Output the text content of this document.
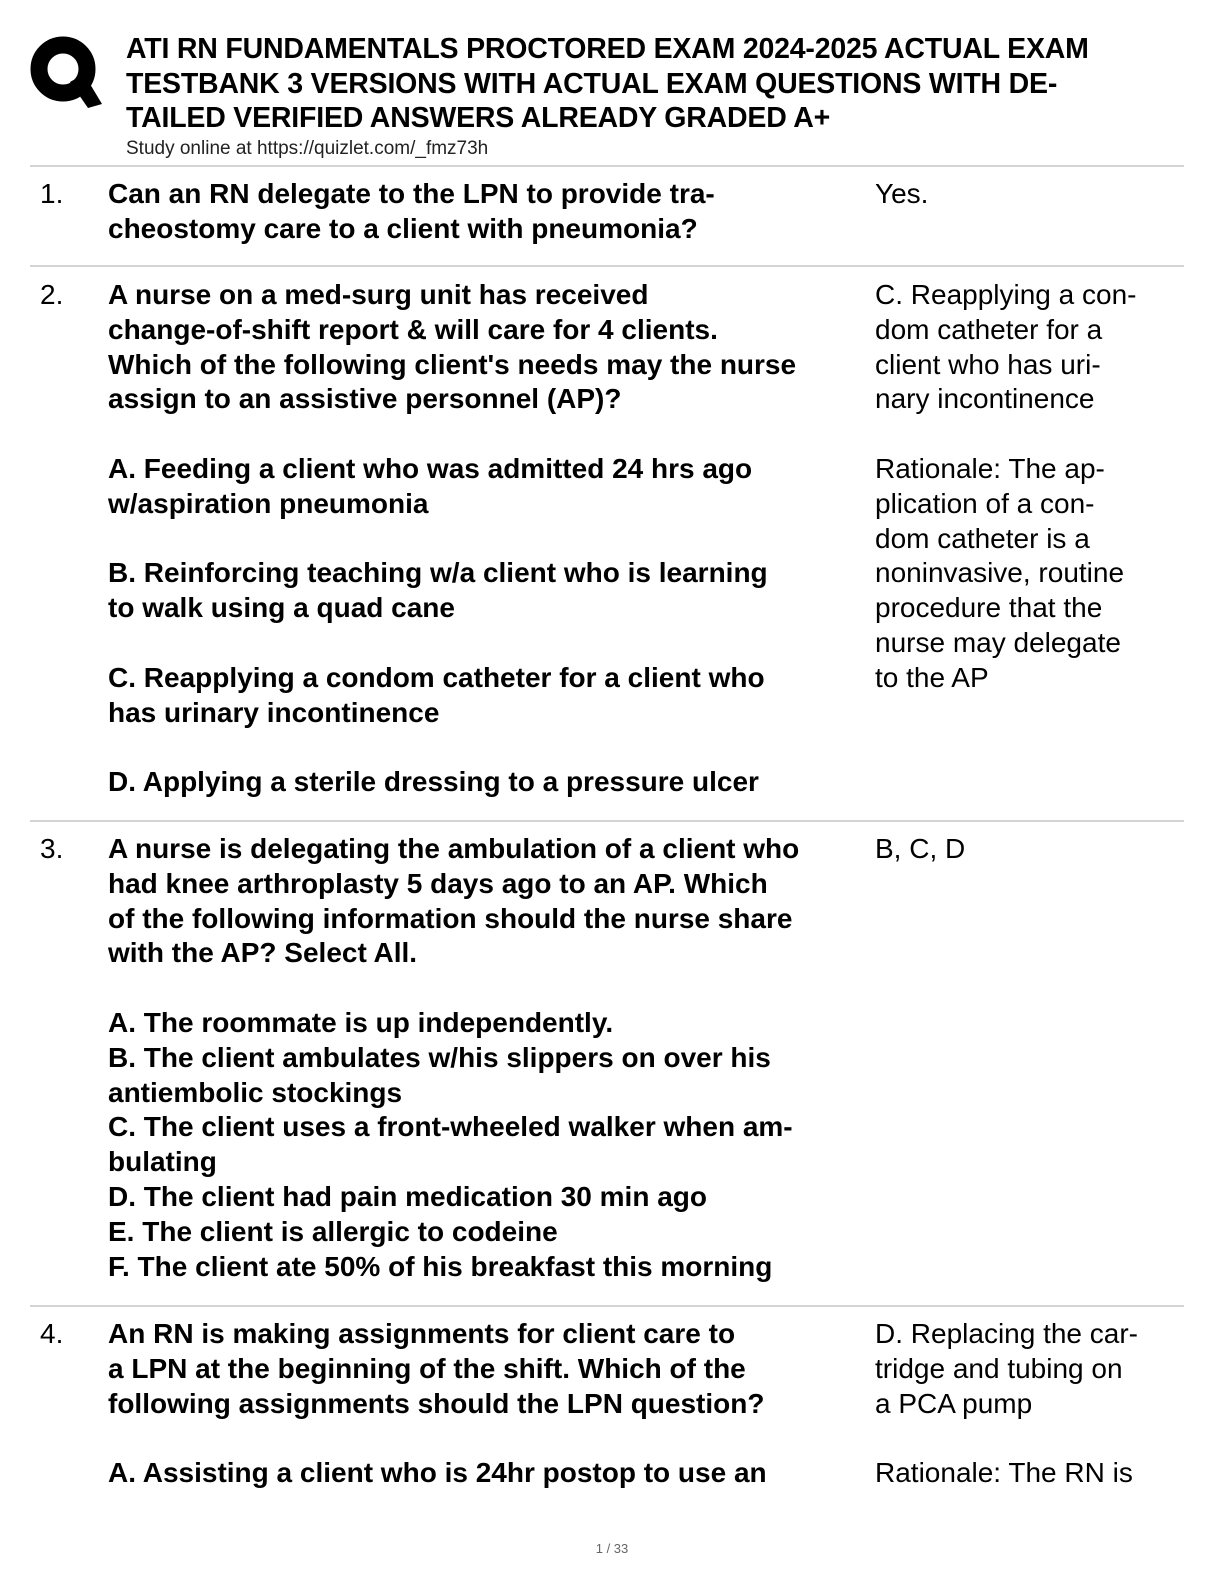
ATI RN FUNDAMENTALS PROCTORED EXAM 2024-2025 ACTUAL EXAM
TESTBANK 3 VERSIONS WITH ACTUAL EXAM QUESTIONS WITH DE-
TAILED VERIFIED ANSWERS ALREADY GRADED A+

Study online at https://quizlet.com/_fmz73h

1. Can an RN delegate to the LPN to provide tra-
cheostomy care to a client with pneumonia?
Yes.
2. A nurse on a med-surg unit has received
change-of-shift report & will care for 4 clients.
Which of the following client's needs may the nurse
assign to an assistive personnel (AP)?
A. Feeding a client who was admitted 24 hrs ago
w/aspiration pneumonia
B. Reinforcing teaching w/a client who is learning
to walk using a quad cane
C. Reapplying a condom catheter for a client who
has urinary incontinence
D. Applying a sterile dressing to a pressure ulcer
C. Reapplying a con-
dom catheter for a
client who has uri-
nary incontinence
Rationale: The ap-
plication of a con-
dom catheter is a
noninvasive, routine
procedure that the
nurse may delegate
to the AP
3. A nurse is delegating the ambulation of a client who
had knee arthroplasty 5 days ago to an AP. Which
of the following information should the nurse share
with the AP? Select All.
A. The roommate is up independently.
B. The client ambulates w/his slippers on over his
antiembolic stockings
C. The client uses a front-wheeled walker when am-
bulating
D. The client had pain medication 30 min ago
E. The client is allergic to codeine
F. The client ate 50% of his breakfast this morning
B, C, D
4. An RN is making assignments for client care to
a LPN at the beginning of the shift. Which of the
following assignments should the LPN question?
A. Assisting a client who is 24hr postop to use an
D. Replacing the car-
tridge and tubing on
a PCA pump
Rationale: The RN is
1 / 33
